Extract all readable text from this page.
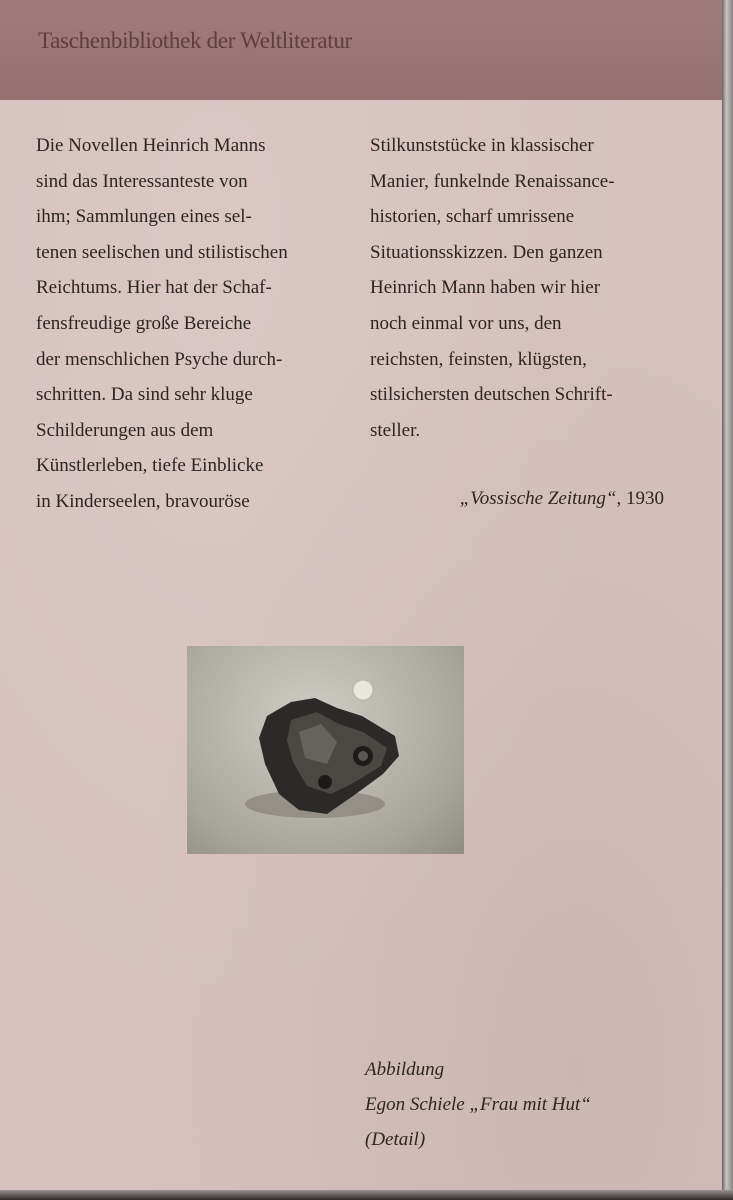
Taschenbibliothek der Weltliteratur
Die Novellen Heinrich Manns
sind das Interessanteste von
ihm; Sammlungen eines sel-
tenen seelischen und stilistischen
Reichtums. Hier hat der Schaf-
fensfreudige große Bereiche
der menschlichen Psyche durch-
schritten. Da sind sehr kluge
Schilderungen aus dem
Künstlerleben, tiefe Einblicke
in Kinderseelen, bravouröse
Stilkunststücke in klassischer
Manier, funkelnde Renaissance-
historien, scharf umrissene
Situationsskizzen. Den ganzen
Heinrich Mann haben wir hier
noch einmal vor uns, den
reichsten, feinsten, klügsten,
stilsichersten deutschen Schrift-
steller.
„Vossische Zeitung“, 1930
Abbildung
Egon Schiele „Frau mit Hut“
(Detail)
